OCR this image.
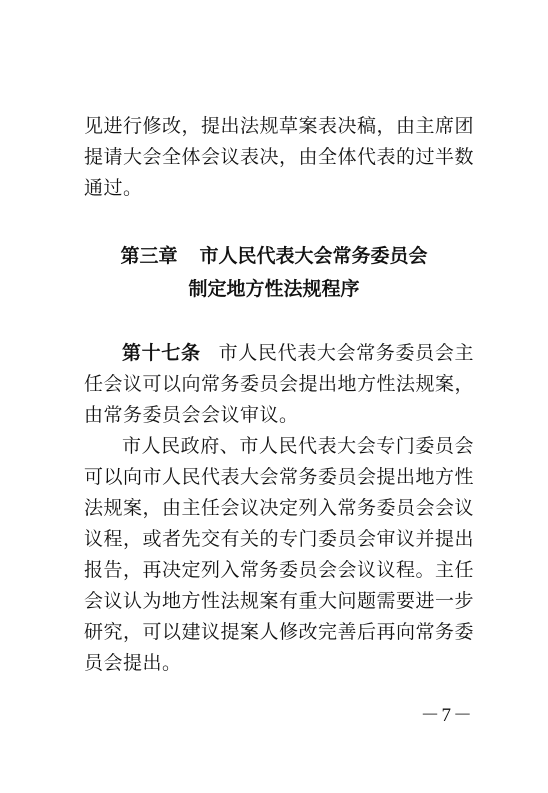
见进行修改，提出法规草案表决稿，由主席团提请大会全体会议表决，由全体代表的过半数通过。

第三章 市人民代表大会常务委员会
制定地方性法规程序

第十七条 市人民代表大会常务委员会主任会议可以向常务委员会提出地方性法规案，由常务委员会会议审议。

市人民政府、市人民代表大会专门委员会可以向市人民代表大会常务委员会提出地方性法规案，由主任会议决定列入常务委员会会议议程，或者先交有关的专门委员会审议并提出报告，再决定列入常务委员会会议议程。主任会议认为地方性法规案有重大问题需要进一步研究，可以建议提案人修改完善后再向常务委员会提出。

－7－
